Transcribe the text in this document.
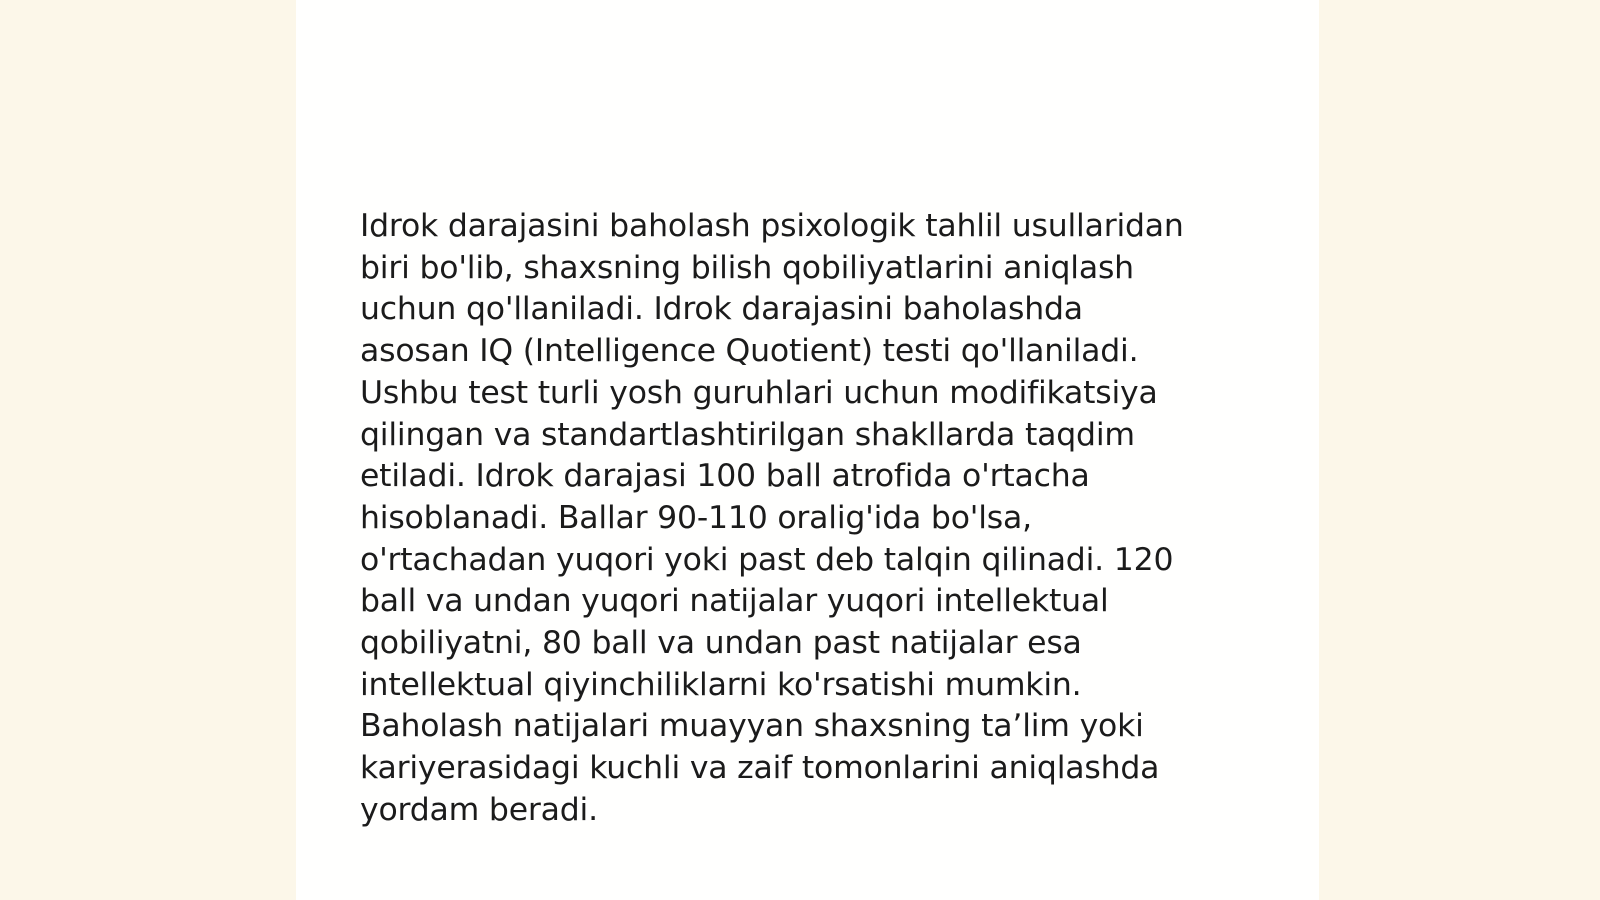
Idrok darajasini baholash psixologik tahlil usullaridan
biri bo'lib, shaxsning bilish qobiliyatlarini aniqlash
uchun qo'llaniladi. Idrok darajasini baholashda
asosan IQ (Intelligence Quotient) testi qo'llaniladi.
Ushbu test turli yosh guruhlari uchun modifikatsiya
qilingan va standartlashtirilgan shakllarda taqdim
etiladi. Idrok darajasi 100 ball atrofida o'rtacha
hisoblanadi. Ballar 90-110 oralig'ida bo'lsa,
o'rtachadan yuqori yoki past deb talqin qilinadi. 120
ball va undan yuqori natijalar yuqori intellektual
qobiliyatni, 80 ball va undan past natijalar esa
intellektual qiyinchiliklarni ko'rsatishi mumkin.
Baholash natijalari muayyan shaxsning ta’lim yoki
kariyerasidagi kuchli va zaif tomonlarini aniqlashda
yordam beradi.
